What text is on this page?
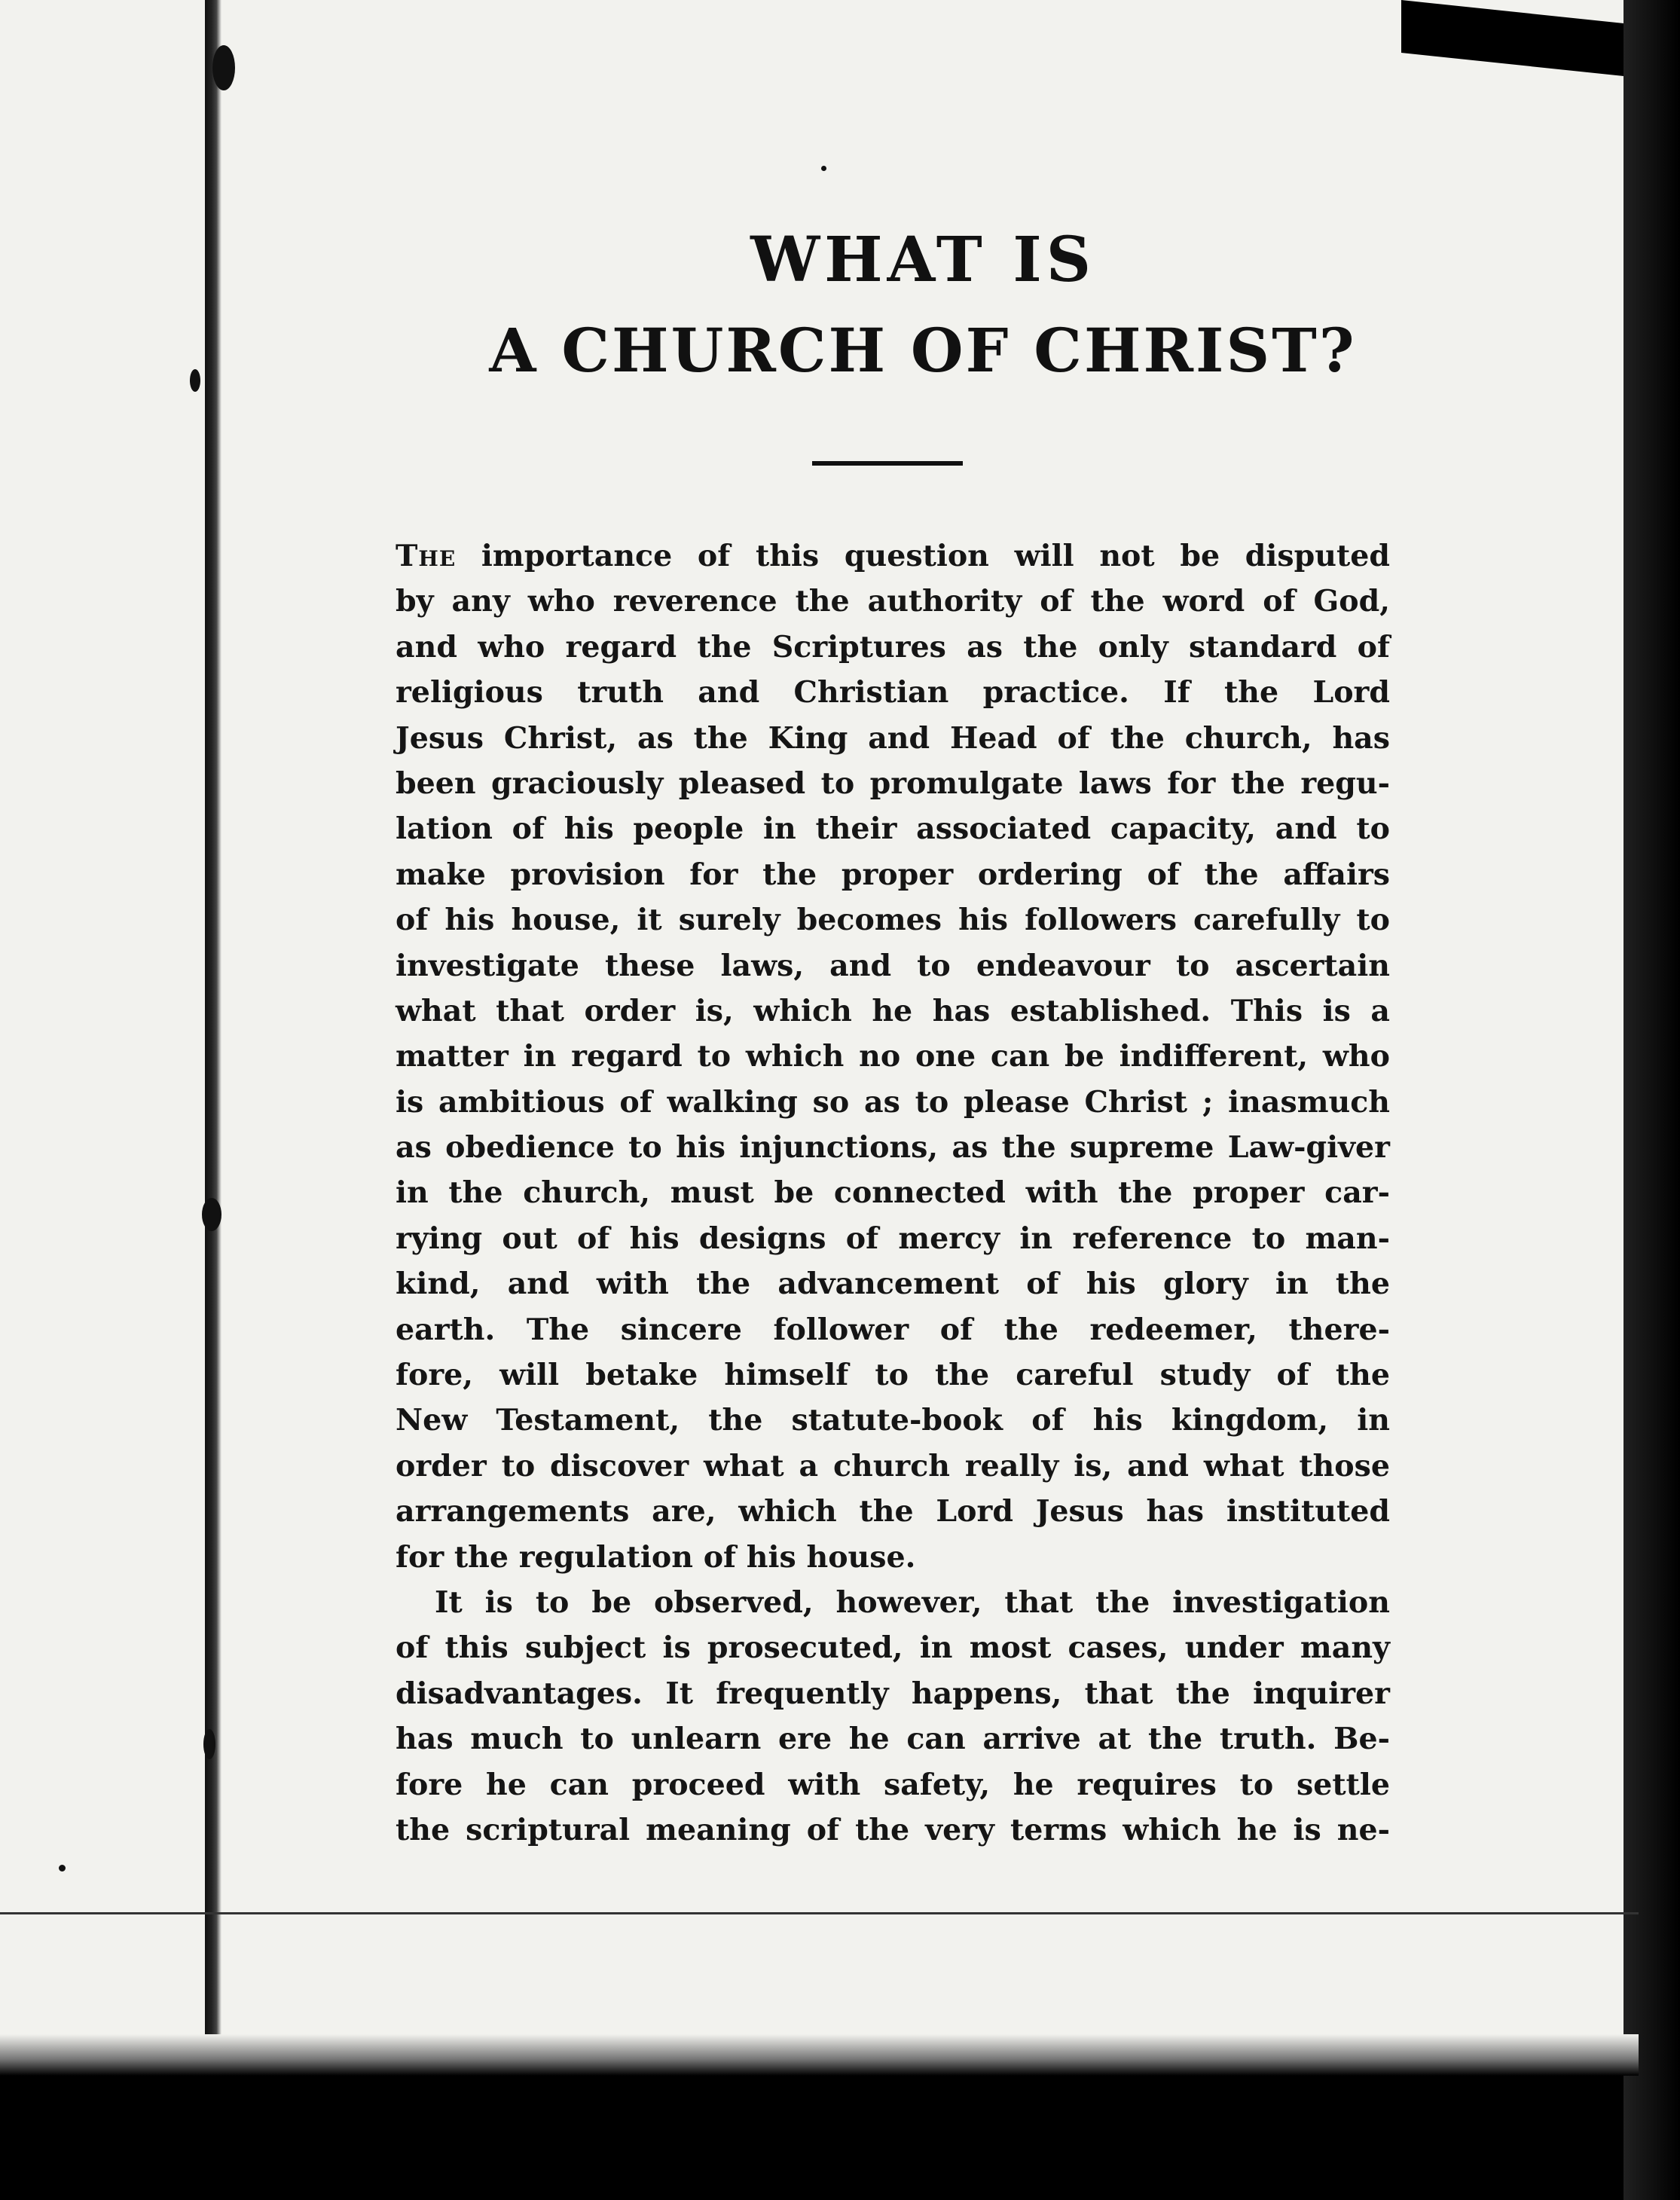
WHAT IS
A CHURCH OF CHRIST?
The importance of this question will not be disputed
by any who reverence the authority of the word of God,
and who regard the Scriptures as the only standard of
religious truth and Christian practice. If the Lord
Jesus Christ, as the King and Head of the church, has
been graciously pleased to promulgate laws for the regu-
lation of his people in their associated capacity, and to
make provision for the proper ordering of the affairs
of his house, it surely becomes his followers carefully to
investigate these laws, and to endeavour to ascertain
what that order is, which he has established. This is a
matter in regard to which no one can be indifferent, who
is ambitious of walking so as to please Christ ; inasmuch
as obedience to his injunctions, as the supreme Law-giver
in the church, must be connected with the proper car-
rying out of his designs of mercy in reference to man-
kind, and with the advancement of his glory in the
earth. The sincere follower of the redeemer, there-
fore, will betake himself to the careful study of the
New Testament, the statute-book of his kingdom, in
order to discover what a church really is, and what those
arrangements are, which the Lord Jesus has instituted
for the regulation of his house.
It is to be observed, however, that the investigation
of this subject is prosecuted, in most cases, under many
disadvantages. It frequently happens, that the inquirer
has much to unlearn ere he can arrive at the truth. Be-
fore he can proceed with safety, he requires to settle
the scriptural meaning of the very terms which he is ne-
